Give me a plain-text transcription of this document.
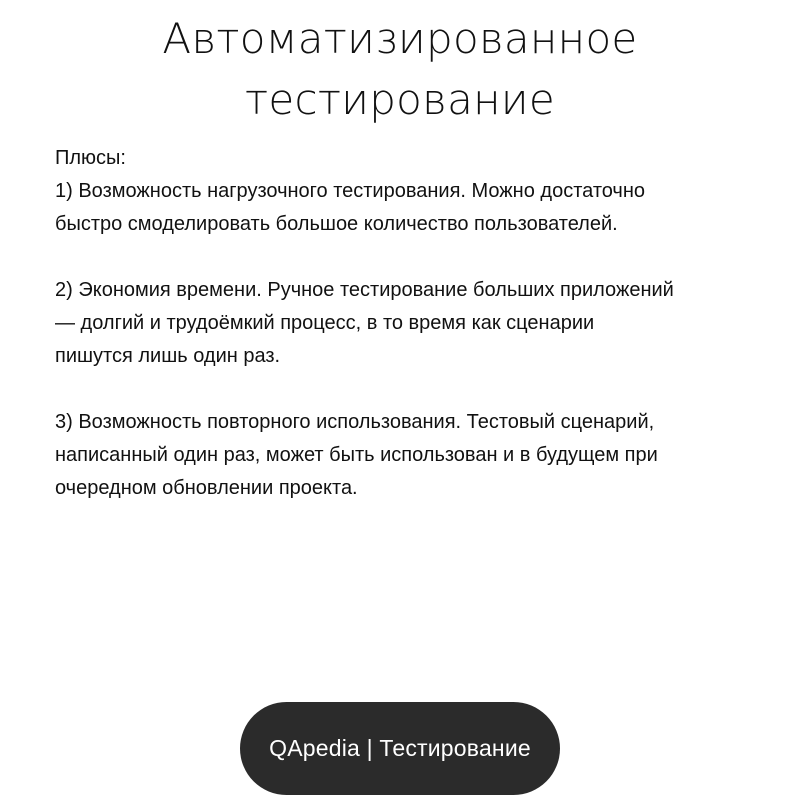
Автоматизированное
тестирование

Плюсы:

1) Возможность нагрузочного тестирования. Можно достаточно

быстро смоделировать большое количество пользователей.

2) Экономия времени. Ручное тестирование больших приложений

— долгий и трудоёмкий процесс, в то время как сценарии

пишутся лишь один раз.

3) Возможность повторного использования. Тестовый сценарий,

написанный один раз, может быть использован и в будущем при

очередном обновлении проекта.

QApedia | Тестирование
